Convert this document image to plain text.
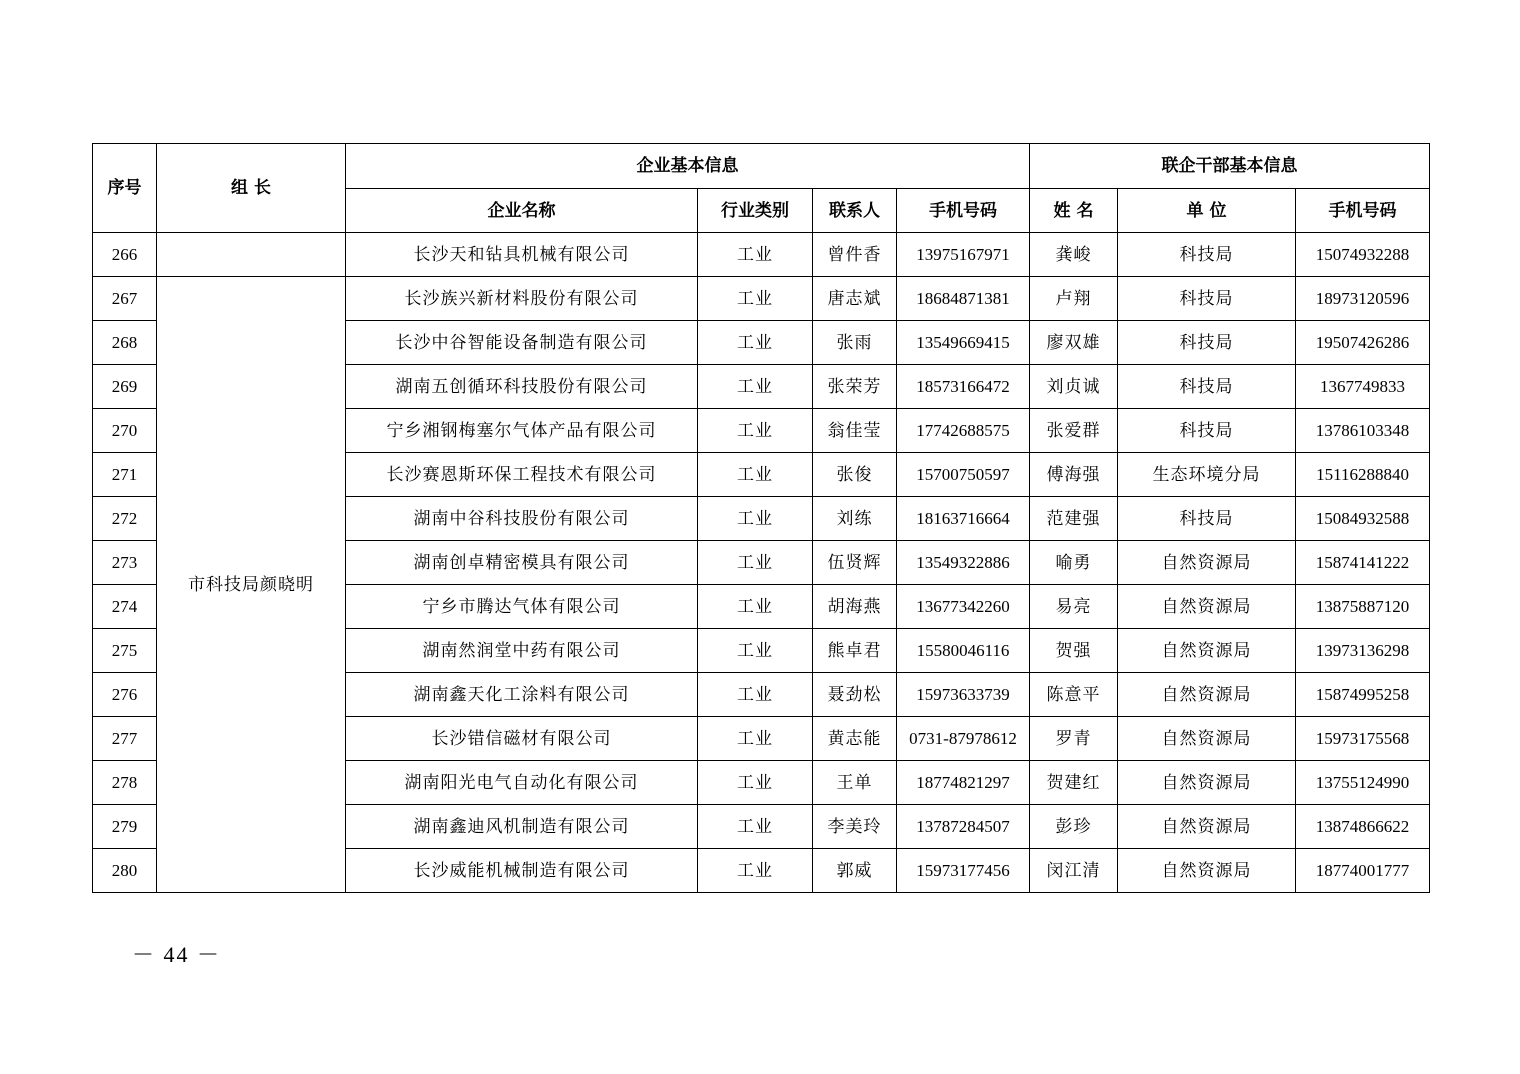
序号	组 长	企业基本信息				联企干部基本信息		
		企业名称	行业类别	联系人	手机号码	姓 名	单 位	手机号码
266		长沙天和钻具机械有限公司	工业	曾件香	13975167971	龚峻	科技局	15074932288
267	市科技局颜晓明	长沙族兴新材料股份有限公司	工业	唐志斌	18684871381	卢翔	科技局	18973120596
268		长沙中谷智能设备制造有限公司	工业	张雨	13549669415	廖双雄	科技局	19507426286
269		湖南五创循环科技股份有限公司	工业	张荣芳	18573166472	刘贞诚	科技局	1367749833
270		宁乡湘钢梅塞尔气体产品有限公司	工业	翁佳莹	17742688575	张爱群	科技局	13786103348
271		长沙赛恩斯环保工程技术有限公司	工业	张俊	15700750597	傅海强	生态环境分局	15116288840
272		湖南中谷科技股份有限公司	工业	刘练	18163716664	范建强	科技局	15084932588
273		湖南创卓精密模具有限公司	工业	伍贤辉	13549322886	喻勇	自然资源局	15874141222
274		宁乡市腾达气体有限公司	工业	胡海燕	13677342260	易亮	自然资源局	13875887120
275		湖南然润堂中药有限公司	工业	熊卓君	15580046116	贺强	自然资源局	13973136298
276		湖南鑫天化工涂料有限公司	工业	聂劲松	15973633739	陈意平	自然资源局	15874995258
277		长沙错信磁材有限公司	工业	黄志能	0731-87978612	罗青	自然资源局	15973175568
278		湖南阳光电气自动化有限公司	工业	王单	18774821297	贺建红	自然资源局	13755124990
279		湖南鑫迪风机制造有限公司	工业	李美玲	13787284507	彭珍	自然资源局	13874866622
280		长沙威能机械制造有限公司	工业	郭威	15973177456	闵江清	自然资源局	18774001777
－ 44 －
